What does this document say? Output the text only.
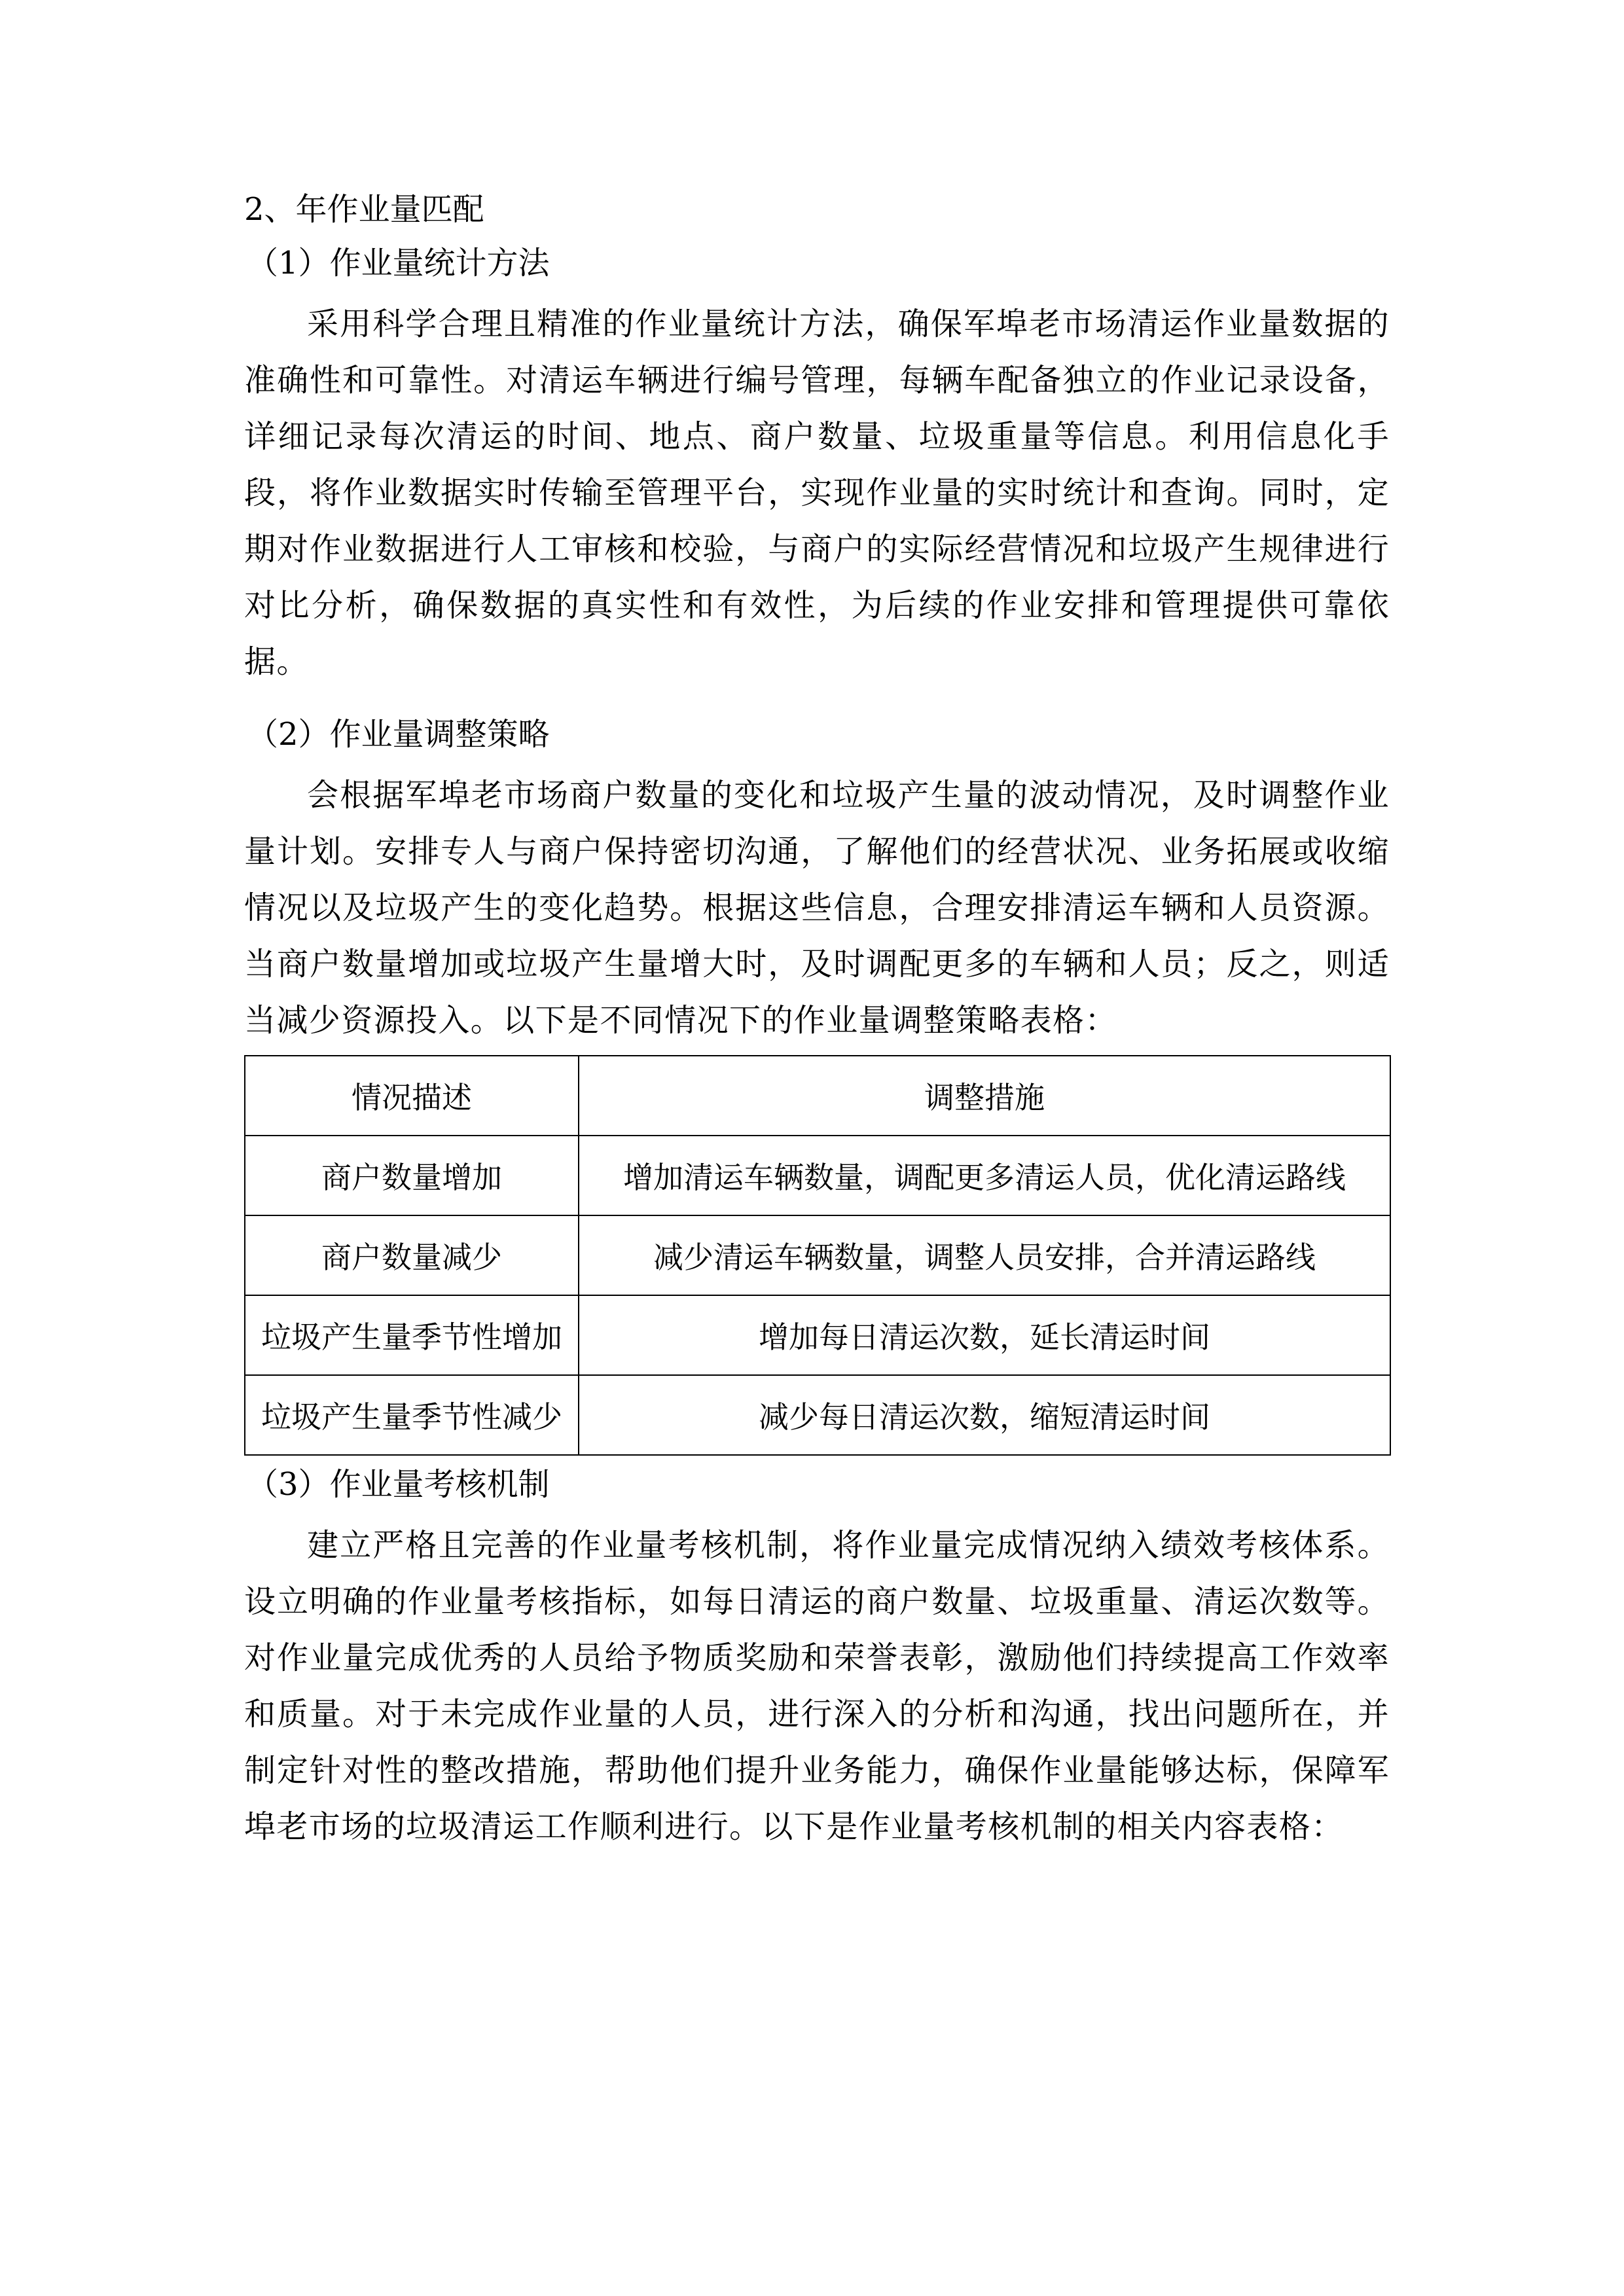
2、年作业量匹配
（1）作业量统计方法

采用科学合理且精准的作业量统计方法，确保军埠老市场清运作业量数据的准确性和可靠性。对清运车辆进行编号管理，每辆车配备独立的作业记录设备，详细记录每次清运的时间、地点、商户数量、垃圾重量等信息。利用信息化手段，将作业数据实时传输至管理平台，实现作业量的实时统计和查询。同时，定期对作业数据进行人工审核和校验，与商户的实际经营情况和垃圾产生规律进行对比分析，确保数据的真实性和有效性，为后续的作业安排和管理提供可靠依据。

（2）作业量调整策略

会根据军埠老市场商户数量的变化和垃圾产生量的波动情况，及时调整作业量计划。安排专人与商户保持密切沟通，了解他们的经营状况、业务拓展或收缩情况以及垃圾产生的变化趋势。根据这些信息，合理安排清运车辆和人员资源。当商户数量增加或垃圾产生量增大时，及时调配更多的车辆和人员；反之，则适当减少资源投入。以下是不同情况下的作业量调整策略表格：

情况描述	调整措施
商户数量增加	增加清运车辆数量，调配更多清运人员，优化清运路线
商户数量减少	减少清运车辆数量，调整人员安排，合并清运路线
垃圾产生量季节性增加	增加每日清运次数，延长清运时间
垃圾产生量季节性减少	减少每日清运次数，缩短清运时间
（3）作业量考核机制

建立严格且完善的作业量考核机制，将作业量完成情况纳入绩效考核体系。设立明确的作业量考核指标，如每日清运的商户数量、垃圾重量、清运次数等。对作业量完成优秀的人员给予物质奖励和荣誉表彰，激励他们持续提高工作效率和质量。对于未完成作业量的人员，进行深入的分析和沟通，找出问题所在，并制定针对性的整改措施，帮助他们提升业务能力，确保作业量能够达标，保障军埠老市场的垃圾清运工作顺利进行。以下是作业量考核机制的相关内容表格：
